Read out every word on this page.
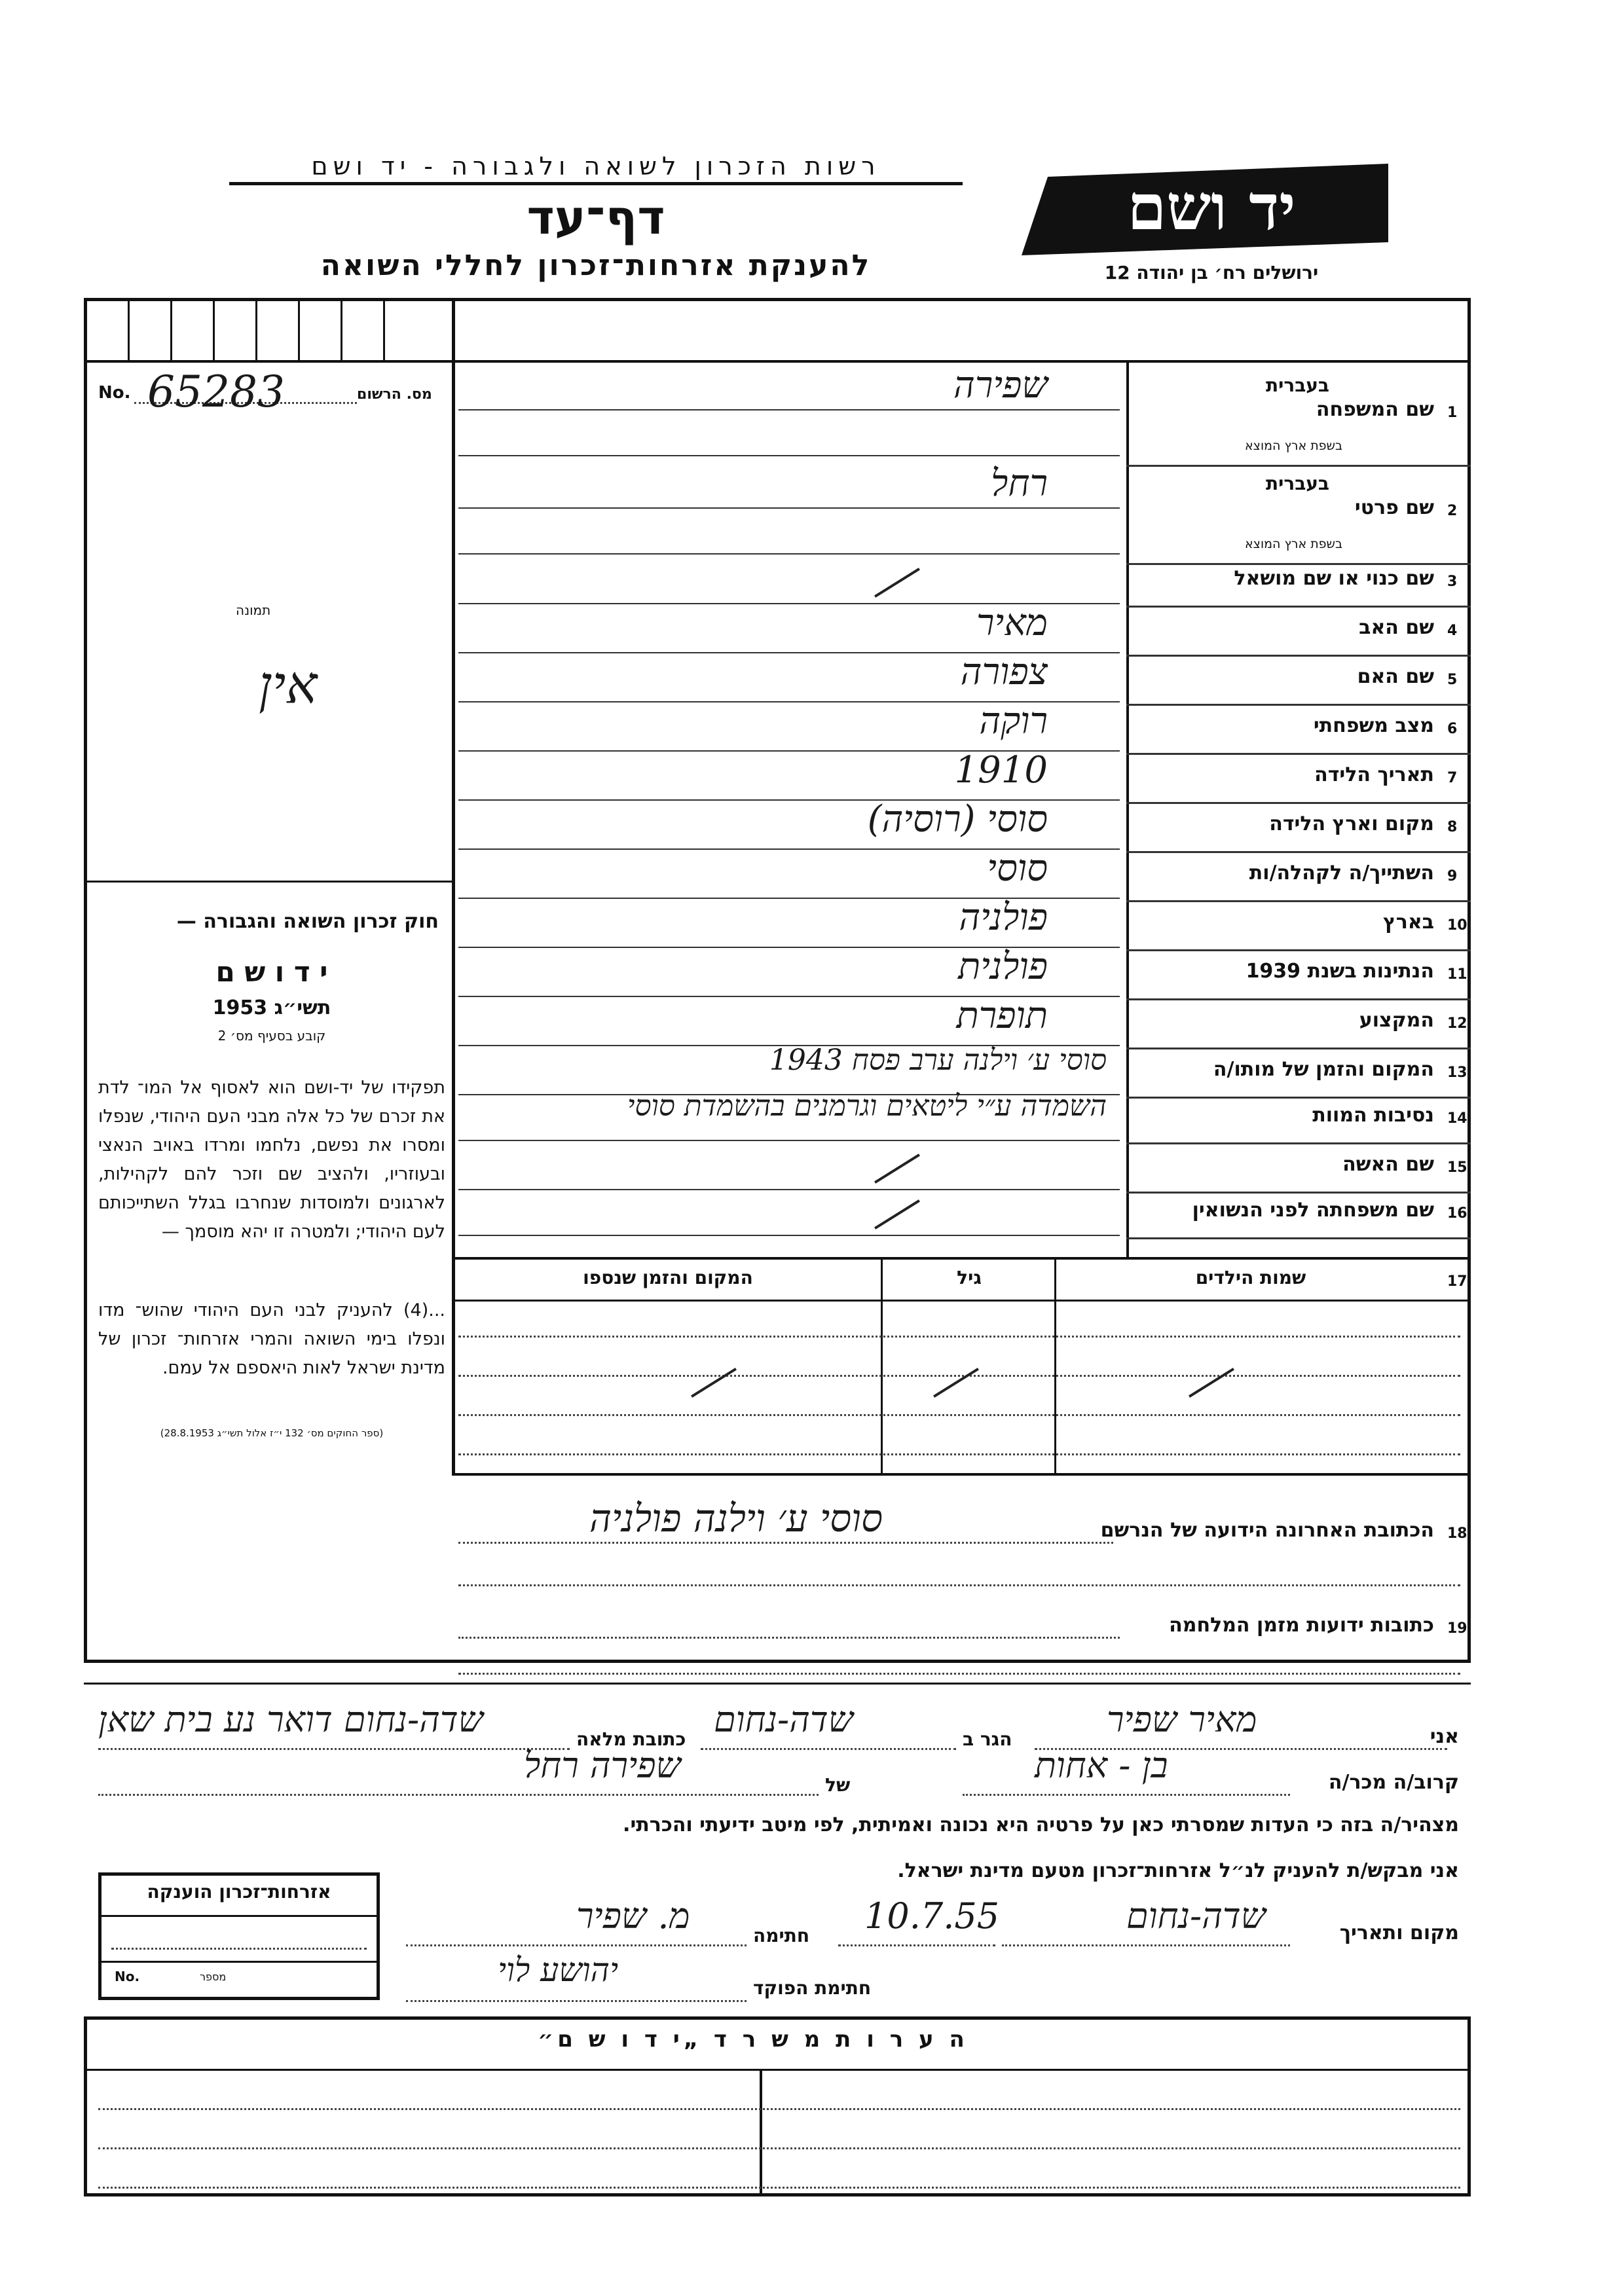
רשות הזכרון לשואה ולגבורה - יד ושם
דף־עד
להענקת אזרחות־זכרון לחללי השואה
יד ושם
ירושלים רח׳ בן יהודה 12
No. 65283	מס. הרשום
תמונה
אין
חוק זכרון השואה והגבורה —
י ד ו ש ם
תשי״ג 1953
קובע בסעיף מס׳ 2
תפקידו של יד-ושם הוא לאסוף אל המו־ לדת את זכרם של כל אלה מבני העם היהודי, שנפלו ומסרו את נפשם, נלחמו ומרדו באויב הנאצי ובעוזריו, ולהציב שם וזכר להם לקהילות, לארגונים ולמוסדות שנחרבו בגלל השתייכותם לעם היהודי; ולמטרה זו יהא מוסמך —
...(4) להעניק לבני העם היהודי שהוש־ מדו ונפלו בימי השואה והמרי אזרחות־ זכרון של מדינת ישראל לאות היאספם אל עמם.
(ספר החוקים מס׳ 132 י״ז אלול תשי״ג 28.8.1953)
1
שם המשפחה
בעברית
בשפת ארץ המוצא
שפירה
2
שם פרטי
בעברית
בשפת ארץ המוצא
רחל
3
שם כנוי או שם מושאל
4
שם האב
מאיר
5
שם האם
צפורה
6
מצב משפחתי
רוקה
7
תאריך הלידה
1910
8
מקום וארץ הלידה
סוסי (רוסיה)
9
השתייך/ה לקהלה/ות
סוסי
10
בארץ
פולניה
11
הנתינות בשנת 1939
פולנית
12
המקצוע
תופרת
13
המקום והזמן של מותו/ה
סוסי ע׳ וילנה ערב פסח 1943
14
נסיבות המוות
השמדה ע״י ליטאים וגרמנים בהשמדת סוסי
15
שם האשה
16
שם משפחתה לפני הנשואין
17
שמות הילדים
גיל
המקום והזמן שנספו
18
הכתובת האחרונה הידועה של הנרשם
סוסי ע׳ וילנה פולניה
19
כתובות ידועות מזמן המלחמה
אני
מאיר שפיר
הגר ב
שדה-נחום
כתובת מלאה
שדה-נחום דואר נע בית שאן
קרוב/ה מכר/ה
בן - אחות
של
שפירה רחל
מצהיר/ה בזה כי העדות שמסרתי כאן על פרטיה היא נכונה ואמיתית, לפי מיטב ידיעתי והכרתי.
אני מבקש/ת להעניק לנ״ל אזרחות־זכרון מטעם מדינת ישראל.
מקום ותאריך
שדה-נחום
10.7.55
חתימה
מ. שפיר
חתימת הפוקד
יהושע לוי
אזרחות־זכרון הוענקה
No.	מספר
ה ע ר ו ת מ ש ר ד „י ד ו ש ם״
